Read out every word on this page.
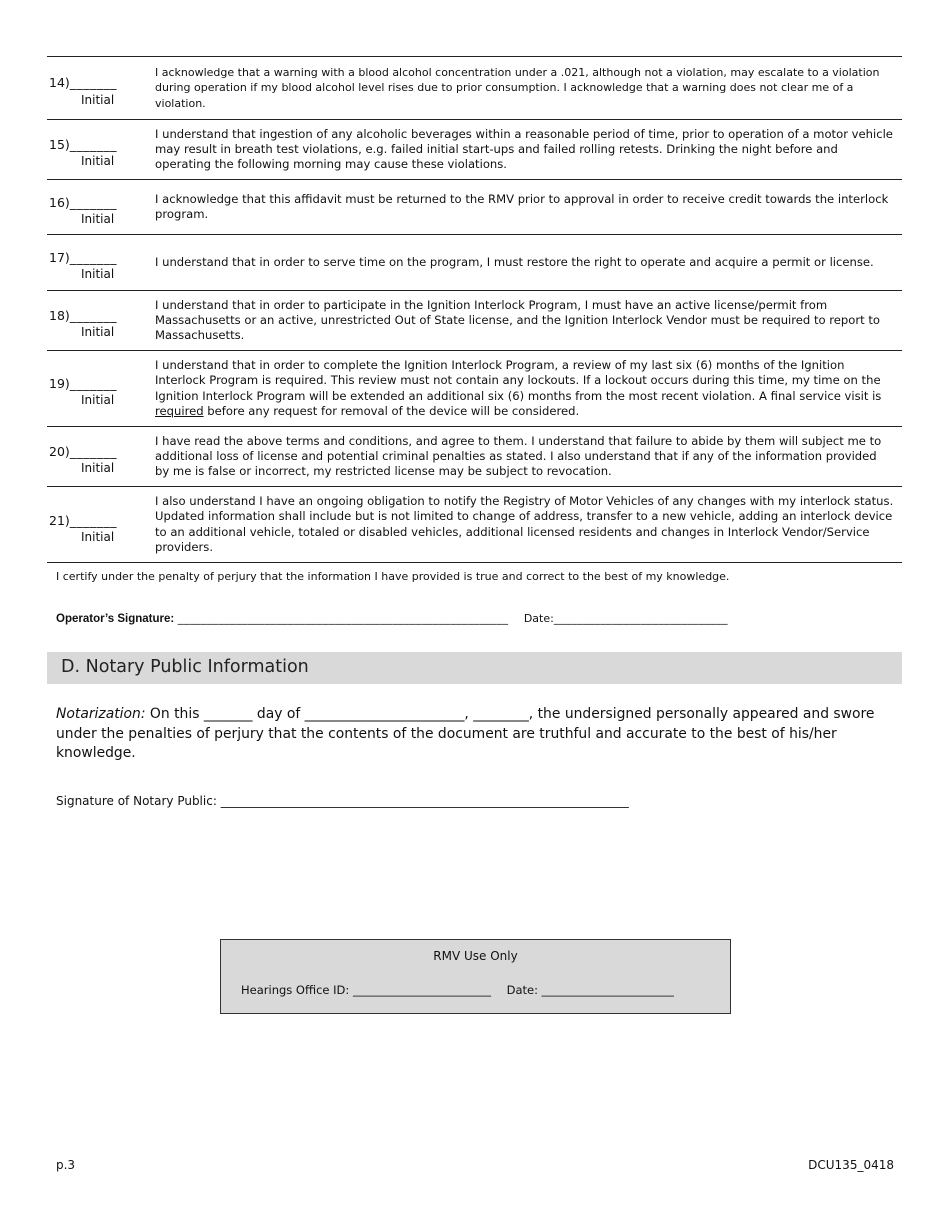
14)_______
Initial
I acknowledge that a warning with a blood alcohol concentration under a .021, although not a violation, may escalate to a violation during operation if my blood alcohol level rises due to prior consumption. I acknowledge that a warning does not clear me of a violation.
15)_______
Initial
I understand that ingestion of any alcoholic beverages within a reasonable period of time, prior to operation of a motor vehicle may result in breath test violations, e.g. failed initial start-ups and failed rolling retests. Drinking the night before and operating the following morning may cause these violations.
16)_______
Initial
I acknowledge that this affidavit must be returned to the RMV prior to approval in order to receive credit towards the interlock program.
17)_______
Initial
I understand that in order to serve time on the program, I must restore the right to operate and acquire a permit or license.
18)_______
Initial
I understand that in order to participate in the Ignition Interlock Program, I must have an active license/permit from Massachusetts or an active, unrestricted Out of State license, and the Ignition Interlock Vendor must be required to report to Massachusetts.
19)_______
Initial
I understand that in order to complete the Ignition Interlock Program, a review of my last six (6) months of the Ignition Interlock Program is required. This review must not contain any lockouts. If a lockout occurs during this time, my time on the Ignition Interlock Program will be extended an additional six (6) months from the most recent violation. A final service visit is required before any request for removal of the device will be considered.
20)_______
Initial
I have read the above terms and conditions, and agree to them. I understand that failure to abide by them will subject me to additional loss of license and potential criminal penalties as stated. I also understand that if any of the information provided by me is false or incorrect, my restricted license may be subject to revocation.
21)_______
Initial
I also understand I have an ongoing obligation to notify the Registry of Motor Vehicles of any changes with my interlock status. Updated information shall include but is not limited to change of address, transfer to a new vehicle, adding an interlock device to an additional vehicle, totaled or disabled vehicles, additional licensed residents and changes in Interlock Vendor/Service providers.
I certify under the penalty of perjury that the information I have provided is true and correct to the best of my knowledge.
Operator’s Signature: _________________________________________________________ Date:______________________________
D. Notary Public Information
Notarization: On this _______ day of _______________________, ________, the undersigned personally appeared and swore under the penalties of perjury that the contents of the document are truthful and accurate to the best of his/her knowledge.
Signature of Notary Public: ____________________________________________________________________
RMV Use Only
Hearings Office ID: ________________________ Date: _______________________
p.3	DCU135_0418
